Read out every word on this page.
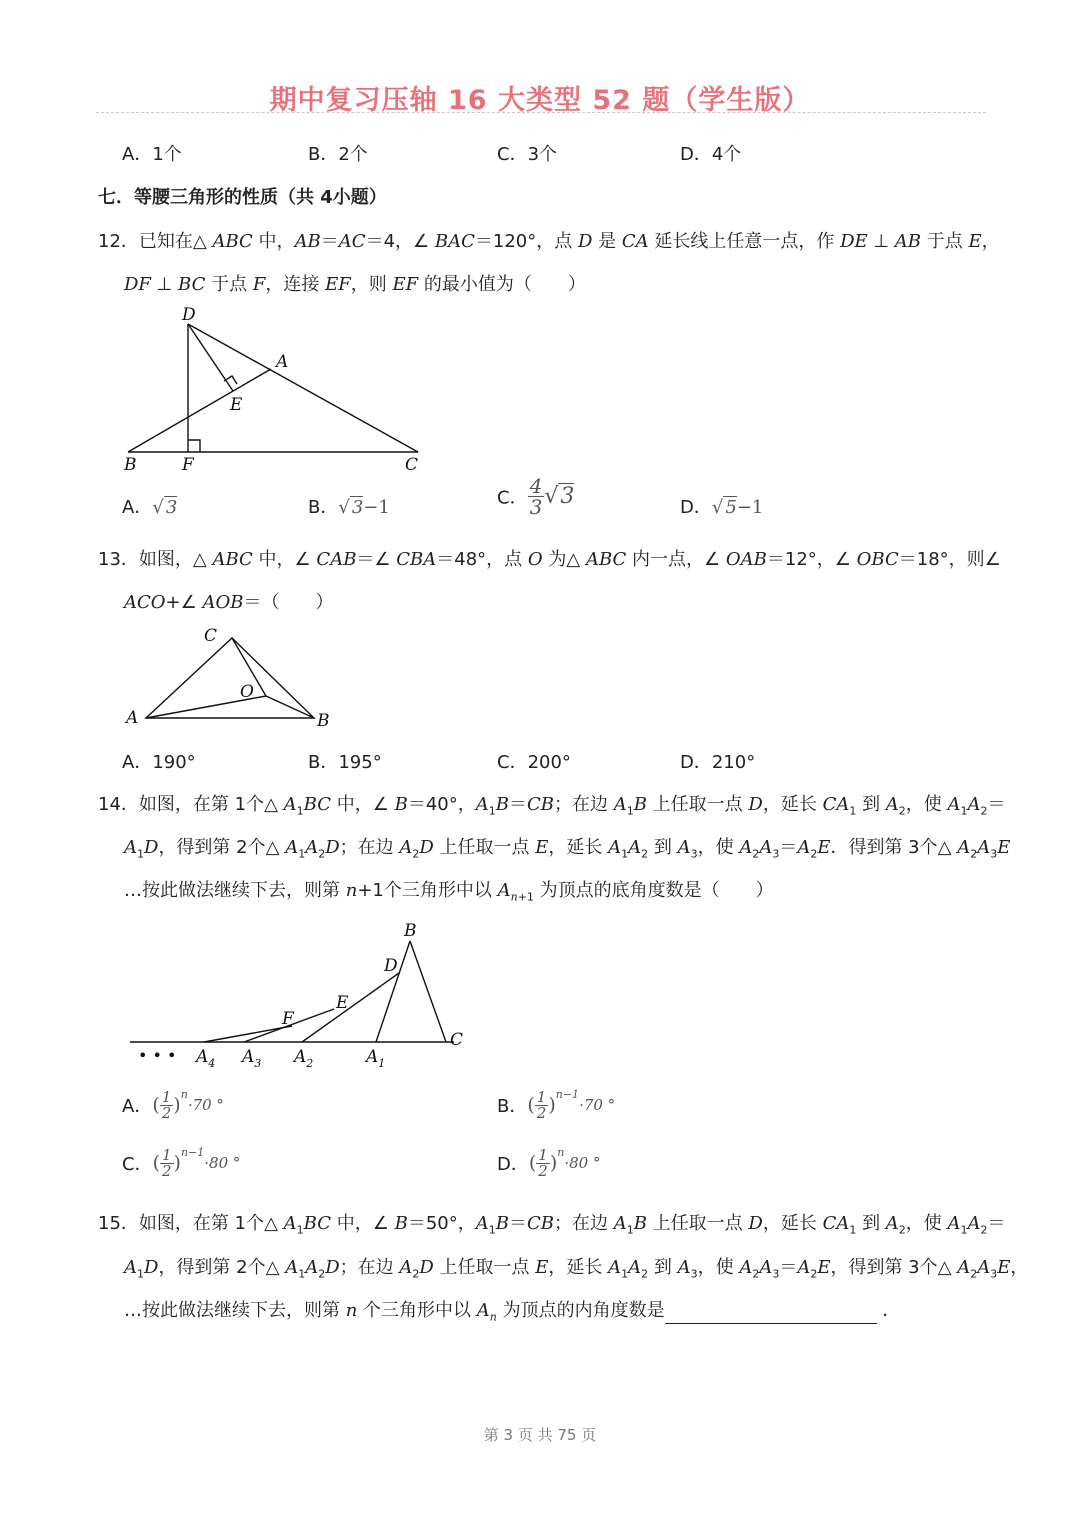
期中复习压轴 16 大类型 52 题（学生版）
A．1个	B．2个	C．3个	D．4个
七．等腰三角形的性质（共 4小题）
12．已知在△ ABC 中，AB＝AC＝4，∠ BAC＝120°，点 D 是 CA 延长线上任意一点，作 DE ⊥ AB 于点 E，
DF ⊥ BC 于点 F，连接 EF，则 EF 的最小值为（　　）
D
A
E
B	F	C
A．√ 3	B．√ 3−1	C． $\frac{4}{3} √3$	D．√ 5−1
13．如图，△ ABC 中，∠ CAB＝∠ CBA＝48°，点 O 为△ ABC 内一点，∠ OAB＝12°，∠ OBC＝18°，则∠
ACO+∠ AOB＝（　　）
C
O
A	B
A．190°	B．195°	C．200°	D．210°
14．如图，在第 1个△ $A_1BC$ 中，∠ B＝40°，$A_1B=CB$；在边 $A_1B$ 上任取一点 D，延长 $CA_1$ 到 $A_2$，使 $A_1A_2=$
$A_1D$，得到第 2个△ $A_1A_2D$；在边 $A_2D$ 上任取一点 E，延长 $A_1A_2$ 到 $A_3$，使 $A_2A_3=A_2E$．得到第 3个△ $A_2A_3E$
…按此做法继续下去，则第 n+1个三角形中以 $A_{n+1}$ 为顶点的底角度数是（　　）
B
D
E
F
C
• • • $A_4$ $A_3$ $A_2$	$A_1$
A．( $\frac{1}{2} )^n\cdot 70$ °	B．( $\frac{1}{2} )^{n-1}\cdot 70$ °
C．( $\frac{1}{2} )^{n-1}\cdot 80$ °	D．( $\frac{1}{2} )^n\cdot 80$ °
15．如图，在第 1个△ $A_1BC$ 中，∠ B＝50°，$A_1B=CB$；在边 $A_1B$ 上任取一点 D，延长 $CA_1$ 到 $A_2$，使 $A_1A_2=$
$A_1D$，得到第 2个△ $A_1A_2D$；在边 $A_2D$ 上任取一点 E，延长 $A_1A_2$ 到 $A_3$，使 $A_2A_3=A_2E$，得到第 3个△ $A_2A_3E$，
…按此做法继续下去，则第 n 个三角形中以 $A_n$ 为顶点的内角度数是	．
第 3 页 共 75 页
